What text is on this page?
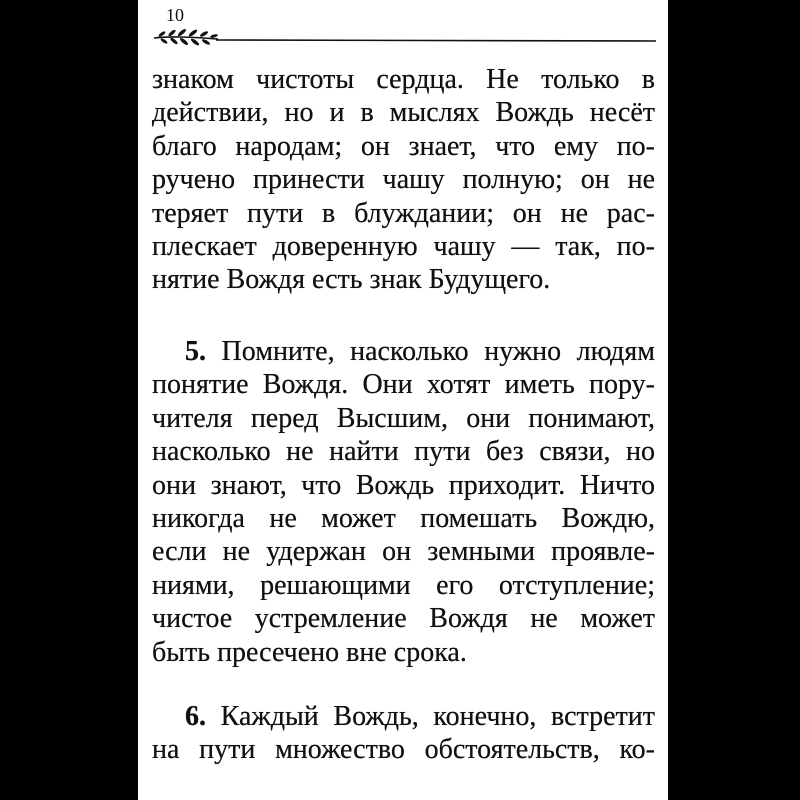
10
знаком чистоты сердца. Не только в
действии, но и в мыслях Вождь несёт
благо народам; он знает, что ему по-
ручено принести чашу полную; он не
теряет пути в блуждании; он не рас-
плескает доверенную чашу — так, по-
нятие Вождя есть знак Будущего.
5. Помните, насколько нужно людям
понятие Вождя. Они хотят иметь пору-
чителя перед Высшим, они понимают,
насколько не найти пути без связи, но
они знают, что Вождь приходит. Ничто
никогда не может помешать Вождю,
если не удержан он земными проявле-
ниями, решающими его отступление;
чистое устремление Вождя не может
быть пресечено вне срока.
6. Каждый Вождь, конечно, встретит
на пути множество обстоятельств, ко-
